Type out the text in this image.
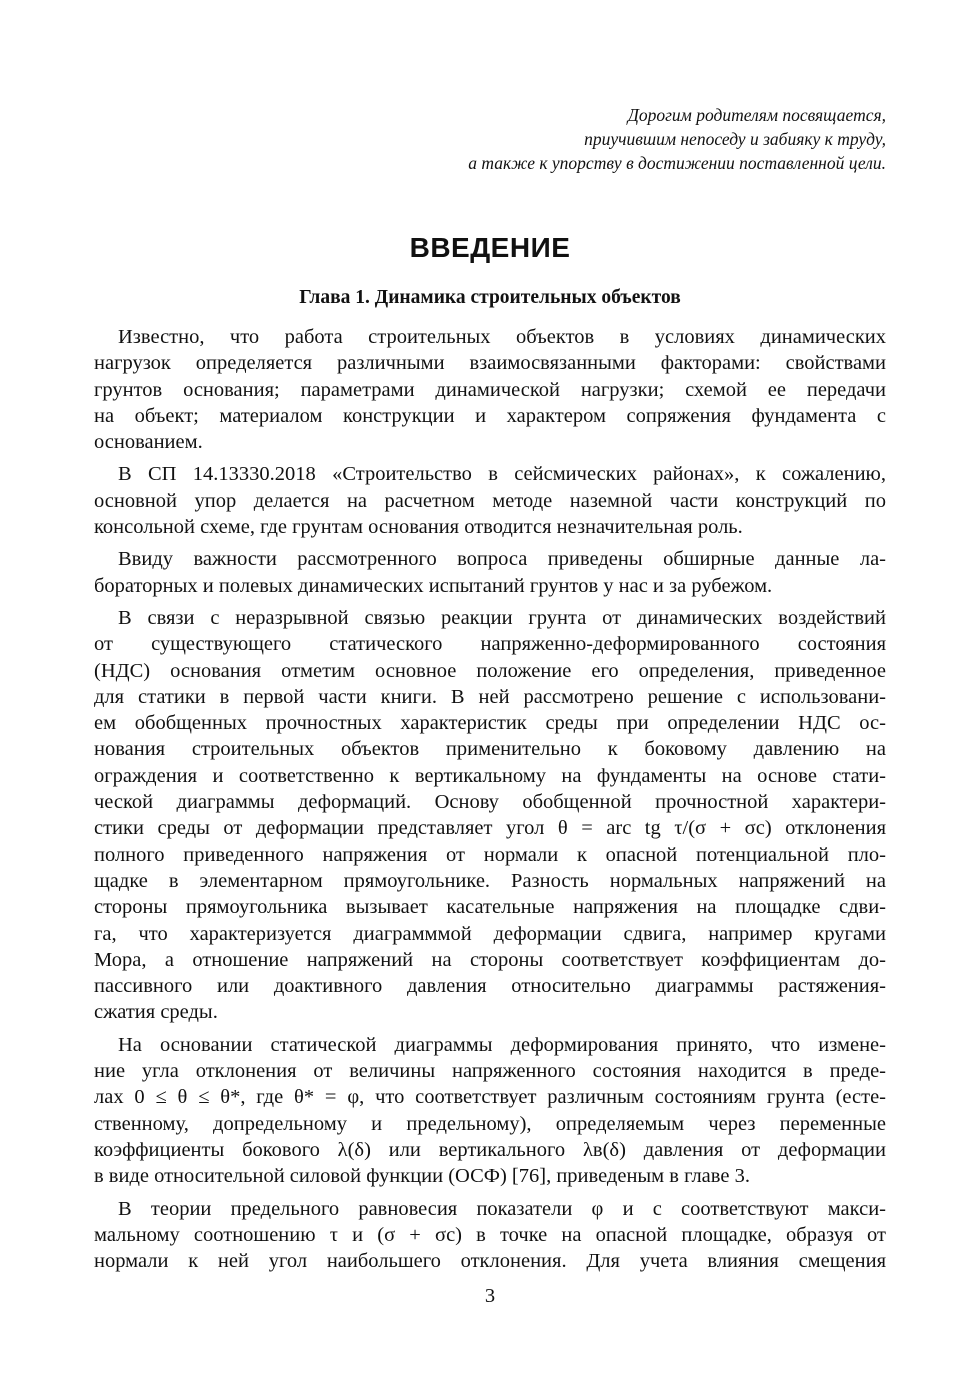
Дорогим родителям посвящается,
приучившим непоседу и забияку к труду,
а также к упорству в достижении поставленной цели.
ВВЕДЕНИЕ
Глава 1. Динамика строительных объектов
Известно, что работа строительных объектов в условиях динамических
нагрузок определяется различными взаимосвязанными факторами: свойствами
грунтов основания; параметрами динамической нагрузки; схемой ее передачи
на объект; материалом конструкции и характером сопряжения фундамента с
основанием.
В СП 14.13330.2018 «Строительство в сейсмических районах», к сожалению,
основной упор делается на расчетном методе наземной части конструкций по
консольной схеме, где грунтам основания отводится незначительная роль.
Ввиду важности рассмотренного вопроса приведены обширные данные ла-
бораторных и полевых динамических испытаний грунтов у нас и за рубежом.
В связи с неразрывной связью реакции грунта от динамических воздействий
от существующего статического напряженно-деформированного состояния
(НДС) основания отметим основное положение его определения, приведенное
для статики в первой части книги. В ней рассмотрено решение с использовани-
ем обобщенных прочностных характеристик среды при определении НДС ос-
нования строительных объектов применительно к боковому давлению на
ограждения и соответственно к вертикальному на фундаменты на основе стати-
ческой диаграммы деформаций. Основу обобщенной прочностной характери-
стики среды от деформации представляет угол θ = arc tg τ/(σ + σс) отклонения
полного приведенного напряжения от нормали к опасной потенциальной пло-
щадке в элементарном прямоугольнике. Разность нормальных напряжений на
стороны прямоугольника вызывает касательные напряжения на площадке сдви-
га, что характеризуется диаграмммой деформации сдвига, например кругами
Мора, а отношение напряжений на стороны соответствует коэффициентам до-
пассивного или доактивного давления относительно диаграммы растяжения-
сжатия среды.
На основании статической диаграммы деформирования принято, что измене-
ние угла отклонения от величины напряженного состояния находится в преде-
лах 0 ≤ θ ≤ θ*, где θ* = φ, что соответствует различным состояниям грунта (есте-
ственному, допредельному и предельному), определяемым через переменные
коэффициенты бокового λ(δ) или вертикального λв(δ) давления от деформации
в виде относительной силовой функции (ОСФ) [76], приведеным в главе 3.
В теории предельного равновесия показатели φ и с соответствуют макси-
мальному соотношению τ и (σ + σс) в точке на опасной площадке, образуя от
нормали к ней угол наибольшего отклонения. Для учета влияния смещения
3
